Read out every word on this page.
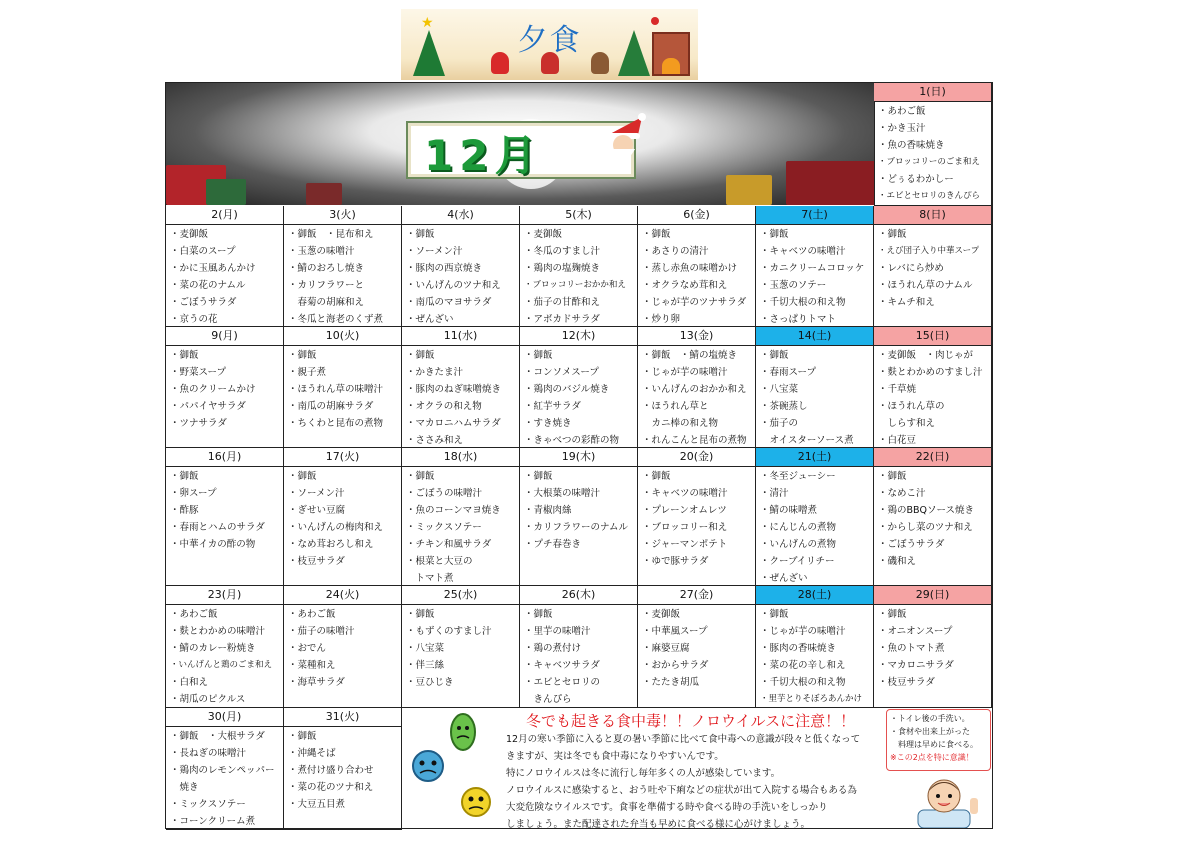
★	夕食
12月
1(日)
・あわご飯
・かき玉汁
・魚の香味焼き
・ブロッコリーのごま和え
・どぅるわかしー
・エビとセロリのきんぴら
2(月)
・麦御飯
・白菜のスープ
・かに玉風あんかけ
・菜の花のナムル
・ごぼうサラダ
・京うの花
3(火)
・御飯　・昆布和え
・玉葱の味噌汁
・鯖のおろし焼き
・カリフラワーと
　春菊の胡麻和え
・冬瓜と海老のくず煮
4(水)
・御飯
・ソーメン汁
・豚肉の西京焼き
・いんげんのツナ和え
・南瓜のマヨサラダ
・ぜんざい
5(木)
・麦御飯
・冬瓜のすまし汁
・鶏肉の塩麹焼き
・ブロッコリーおかか和え
・茄子の甘酢和え
・アボカドサラダ
6(金)
・御飯
・あさりの清汁
・蒸し赤魚の味噌かけ
・オクラなめ茸和え
・じゃが芋のツナサラダ
・炒り卵
7(土)
・御飯
・キャベツの味噌汁
・カニクリームコロッケ
・玉葱のソテー
・千切大根の和え物
・さっぱりトマト
8(日)
・御飯
・えび団子入り中華スープ
・レバにら炒め
・ほうれん草のナムル
・キムチ和え
9(月)
・御飯
・野菜スープ
・魚のクリームかけ
・パパイヤサラダ
・ツナサラダ
10(火)
・御飯
・親子煮
・ほうれん草の味噌汁
・南瓜の胡麻サラダ
・ちくわと昆布の煮物
11(水)
・御飯
・かきたま汁
・豚肉のねぎ味噌焼き
・オクラの和え物
・マカロニハムサラダ
・ささみ和え
12(木)
・御飯
・コンソメスープ
・鶏肉のバジル焼き
・紅芋サラダ
・すき焼き
・きゃべつの彩酢の物
13(金)
・御飯　・鯖の塩焼き
・じゃが芋の味噌汁
・いんげんのおかか和え
・ほうれん草と
　カニ棒の和え物
・れんこんと昆布の煮物
14(土)
・御飯
・春雨スープ
・八宝菜
・茶碗蒸し
・茄子の
　オイスターソース煮
15(日)
・麦御飯　・肉じゃが
・麩とわかめのすまし汁
・千草焼
・ほうれん草の
　しらす和え
・白花豆
16(月)
・御飯
・卵スープ
・酢豚
・春雨とハムのサラダ
・中華イカの酢の物
17(火)
・御飯
・ソーメン汁
・ぎせい豆腐
・いんげんの梅肉和え
・なめ茸おろし和え
・枝豆サラダ
18(水)
・御飯
・ごぼうの味噌汁
・魚のコーンマヨ焼き
・ミックスソテー
・チキン和風サラダ
・根菜と大豆の
　トマト煮
19(木)
・御飯
・大根葉の味噌汁
・青椒肉絲
・カリフラワーのナムル
・プチ春巻き
20(金)
・御飯
・キャベツの味噌汁
・プレーンオムレツ
・ブロッコリー和え
・ジャーマンポテト
・ゆで豚サラダ
21(土)
・冬至ジューシー
・清汁
・鯖の味噌煮
・にんじんの煮物
・いんげんの煮物
・クーブイリチー
・ぜんざい
22(日)
・御飯
・なめこ汁
・鶏のBBQソース焼き
・からし菜のツナ和え
・ごぼうサラダ
・磯和え
23(月)
・あわご飯
・麩とわかめの味噌汁
・鯖のカレー粉焼き
・いんげんと鶏のごま和え
・白和え
・胡瓜のピクルス
24(火)
・あわご飯
・茄子の味噌汁
・おでん
・菜種和え
・海草サラダ
25(水)
・御飯
・もずくのすまし汁
・八宝菜
・伴三絲
・豆ひじき
26(木)
・御飯
・里芋の味噌汁
・鶏の煮付け
・キャベツサラダ
・エビとセロリの
　きんぴら
27(金)
・麦御飯
・中華風スープ
・麻婆豆腐
・おからサラダ
・たたき胡瓜
28(土)
・御飯
・じゃが芋の味噌汁
・豚肉の香味焼き
・菜の花の辛し和え
・千切大根の和え物
・里芋とりそぼろあんかけ
29(日)
・御飯
・オニオンスープ
・魚のトマト煮
・マカロニサラダ
・枝豆サラダ
30(月)
・御飯　・大根サラダ
・長ねぎの味噌汁
・鶏肉のレモンペッパー
　焼き
・ミックスソテー
・コーンクリーム煮
31(火)
・御飯
・沖縄そば
・煮付け盛り合わせ
・菜の花のツナ和え
・大豆五目煮
冬でも起きる食中毒！！ノロウイルスに注意！！

12月の寒い季節に入ると夏の暑い季節に比べて食中毒への意識が段々と低くなって

きますが、実は冬でも食中毒になりやすいんです。

特にノロウイルスは冬に流行し毎年多くの人が感染しています。

ノロウイルスに感染すると、おう吐や下痢などの症状が出て入院する場合もある為

大変危険なウイルスです。食事を準備する時や食べる時の手洗いをしっかり

しましょう。また配達された弁当も早めに食べる様に心がけましょう。

・トイレ後の手洗い。

・食材や出来上がった

　料理は早めに食べる。

※この2点を特に意識！
